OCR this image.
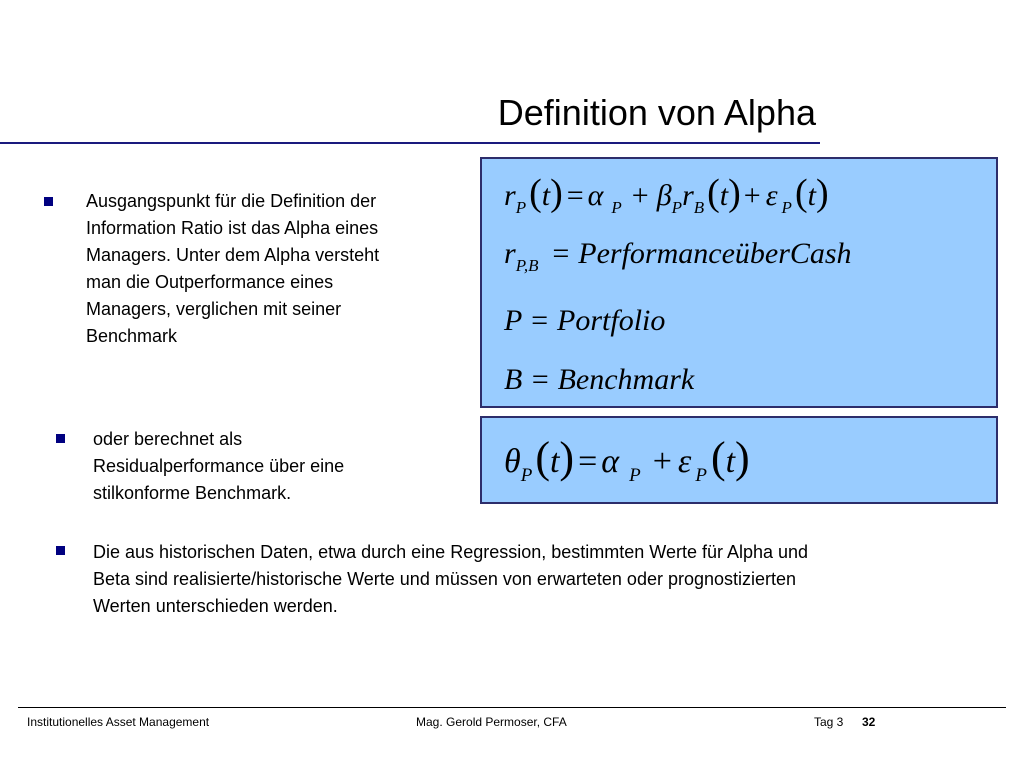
Definition von Alpha
Ausgangspunkt für die Definition der
Information Ratio ist das Alpha eines
Managers. Unter dem Alpha versteht
man die Outperformance eines
Managers, verglichen mit seiner
Benchmark
oder berechnet als
Residualperformance über eine
stilkonforme Benchmark.
Die aus historischen Daten, etwa durch eine Regression, bestimmten Werte für Alpha und
Beta sind realisierte/historische Werte und müssen von erwarteten oder prognostizierten
Werten unterschieden werden.
$r_P(t) = \alpha$ $_P + \beta_Pr_B(t) + \varepsilon$ $_P$(t)
$r_{P,B}$ = PerformanceüberCash
P = Portfolio
B = Benchmark
$\theta_P(t) = \alpha$ $_P$ + ε $_P$(t)
Institutionelles Asset Management	Mag. Gerold Permoser, CFA	Tag 3 32
